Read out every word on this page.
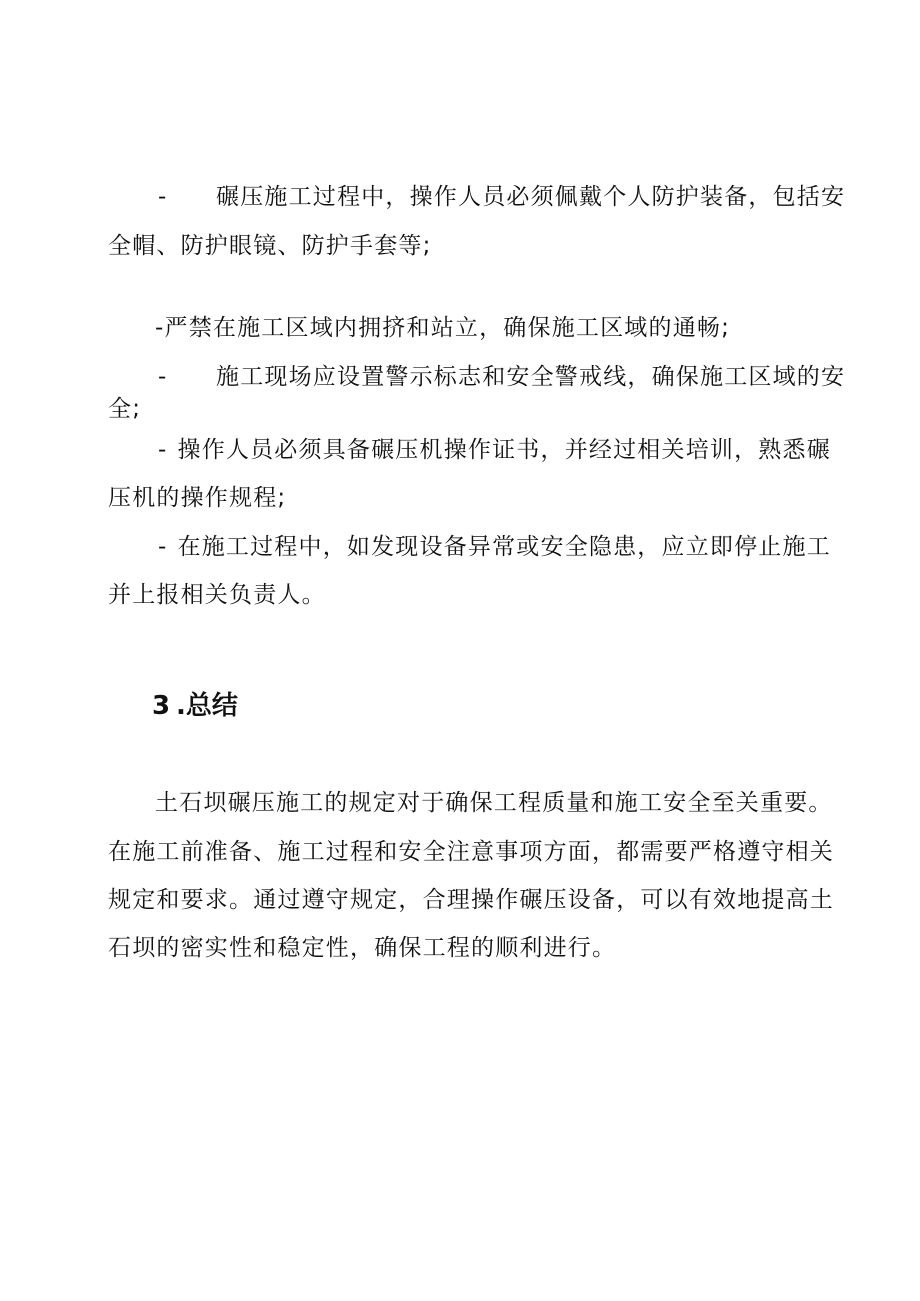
- 碾压施工过程中，操作人员必须佩戴个人防护装备，包括安
全帽、防护眼镜、防护手套等;
-严禁在施工区域内拥挤和站立，确保施工区域的通畅;
- 施工现场应设置警示标志和安全警戒线，确保施工区域的安
全;
- 操作人员必须具备碾压机操作证书，并经过相关培训，熟悉碾
压机的操作规程;
- 在施工过程中，如发现设备异常或安全隐患，应立即停止施工
并上报相关负责人。
3 .总结
土石坝碾压施工的规定对于确保工程质量和施工安全至关重要。
在施工前准备、施工过程和安全注意事项方面，都需要严格遵守相关
规定和要求。通过遵守规定，合理操作碾压设备，可以有效地提高土
石坝的密实性和稳定性，确保工程的顺利进行。
